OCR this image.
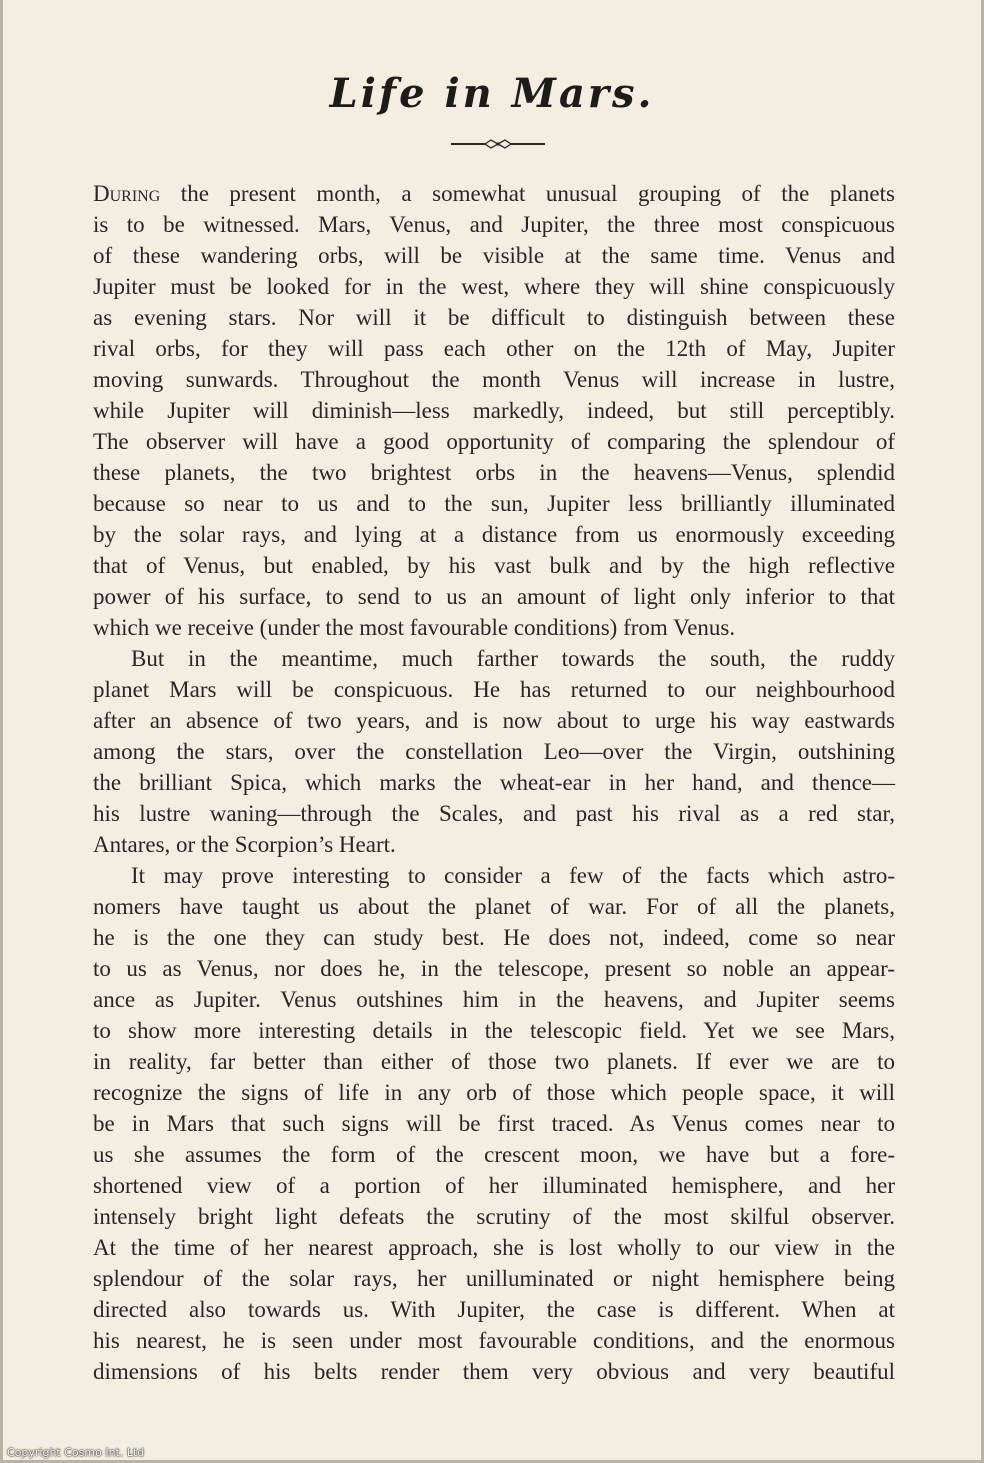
Life in Mars.
During the present month, a somewhat unusual grouping of the planets
is to be witnessed. Mars, Venus, and Jupiter, the three most conspicuous
of these wandering orbs, will be visible at the same time. Venus and
Jupiter must be looked for in the west, where they will shine conspicuously
as evening stars. Nor will it be difficult to distinguish between these
rival orbs, for they will pass each other on the 12th of May, Jupiter
moving sunwards. Throughout the month Venus will increase in lustre,
while Jupiter will diminish—less markedly, indeed, but still perceptibly.
The observer will have a good opportunity of comparing the splendour of
these planets, the two brightest orbs in the heavens—Venus, splendid
because so near to us and to the sun, Jupiter less brilliantly illuminated
by the solar rays, and lying at a distance from us enormously exceeding
that of Venus, but enabled, by his vast bulk and by the high reflective
power of his surface, to send to us an amount of light only inferior to that
which we receive (under the most favourable conditions) from Venus.
But in the meantime, much farther towards the south, the ruddy
planet Mars will be conspicuous. He has returned to our neighbourhood
after an absence of two years, and is now about to urge his way eastwards
among the stars, over the constellation Leo—over the Virgin, outshining
the brilliant Spica, which marks the wheat-ear in her hand, and thence—
his lustre waning—through the Scales, and past his rival as a red star,
Antares, or the Scorpion’s Heart.
It may prove interesting to consider a few of the facts which astro-
nomers have taught us about the planet of war. For of all the planets,
he is the one they can study best. He does not, indeed, come so near
to us as Venus, nor does he, in the telescope, present so noble an appear-
ance as Jupiter. Venus outshines him in the heavens, and Jupiter seems
to show more interesting details in the telescopic field. Yet we see Mars,
in reality, far better than either of those two planets. If ever we are to
recognize the signs of life in any orb of those which people space, it will
be in Mars that such signs will be first traced. As Venus comes near to
us she assumes the form of the crescent moon, we have but a fore-
shortened view of a portion of her illuminated hemisphere, and her
intensely bright light defeats the scrutiny of the most skilful observer.
At the time of her nearest approach, she is lost wholly to our view in the
splendour of the solar rays, her unilluminated or night hemisphere being
directed also towards us. With Jupiter, the case is different. When at
his nearest, he is seen under most favourable conditions, and the enormous
dimensions of his belts render them very obvious and very beautiful
Copyright Cosmo Int. Ltd
